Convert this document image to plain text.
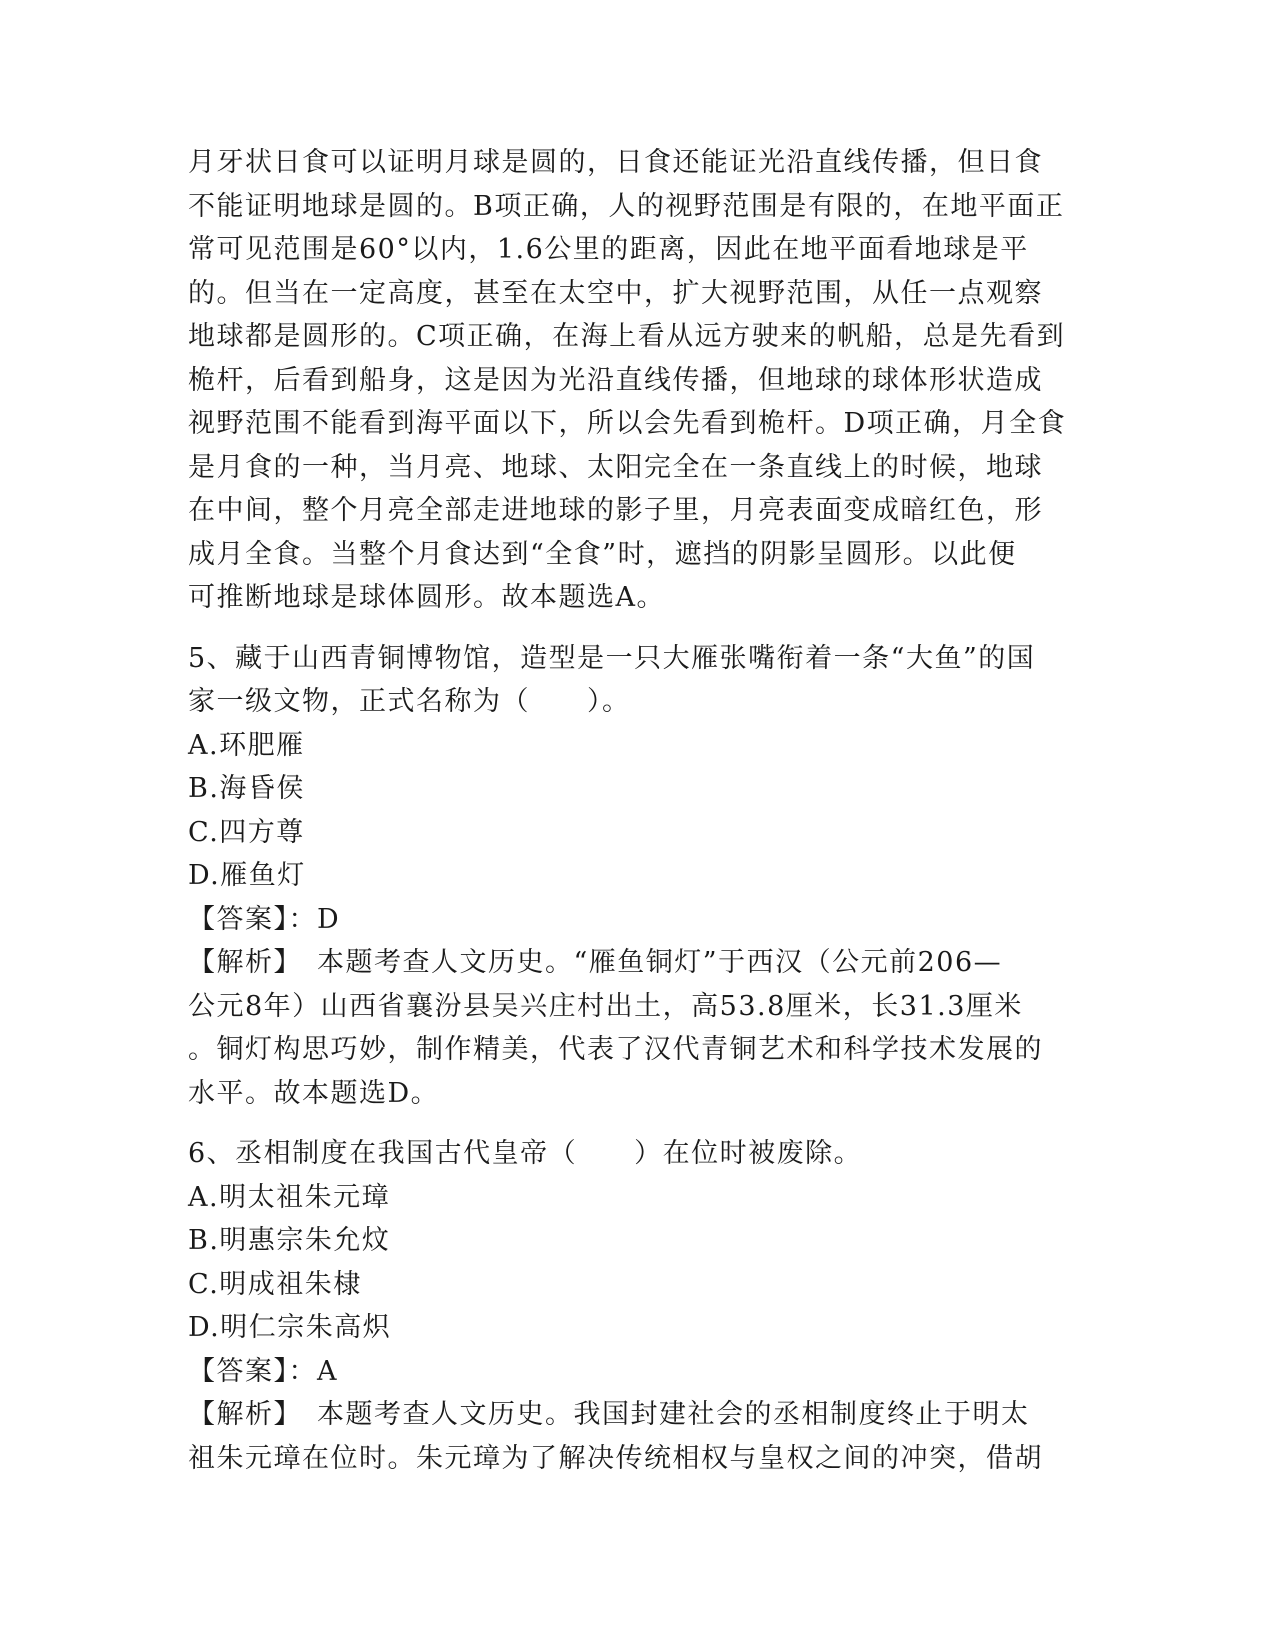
月牙状日食可以证明月球是圆的，日食还能证光沿直线传播，但日食
不能证明地球是圆的。B项正确，人的视野范围是有限的，在地平面正
常可见范围是60°以内，1.6公里的距离，因此在地平面看地球是平
的。但当在一定高度，甚至在太空中，扩大视野范围，从任一点观察
地球都是圆形的。C项正确，在海上看从远方驶来的帆船，总是先看到
桅杆，后看到船身，这是因为光沿直线传播，但地球的球体形状造成
视野范围不能看到海平面以下，所以会先看到桅杆。D项正确，月全食
是月食的一种，当月亮、地球、太阳完全在一条直线上的时候，地球
在中间，整个月亮全部走进地球的影子里，月亮表面变成暗红色，形
成月全食。当整个月食达到“全食”时，遮挡的阴影呈圆形。以此便
可推断地球是球体圆形。故本题选A。
5、藏于山西青铜博物馆，造型是一只大雁张嘴衔着一条“大鱼”的国
家一级文物，正式名称为（　　）。
A.环肥雁
B.海昏侯
C.四方尊
D.雁鱼灯
【答案】：D
【解析】　本题考查人文历史。“雁鱼铜灯”于西汉（公元前206—
公元8年）山西省襄汾县吴兴庄村出土，高53.8厘米，长31.3厘米
。铜灯构思巧妙，制作精美，代表了汉代青铜艺术和科学技术发展的
水平。故本题选D。
6、丞相制度在我国古代皇帝（　　）在位时被废除。
A.明太祖朱元璋
B.明惠宗朱允炆
C.明成祖朱棣
D.明仁宗朱高炽
【答案】：A
【解析】　本题考查人文历史。我国封建社会的丞相制度终止于明太
祖朱元璋在位时。朱元璋为了解决传统相权与皇权之间的冲突，借胡
